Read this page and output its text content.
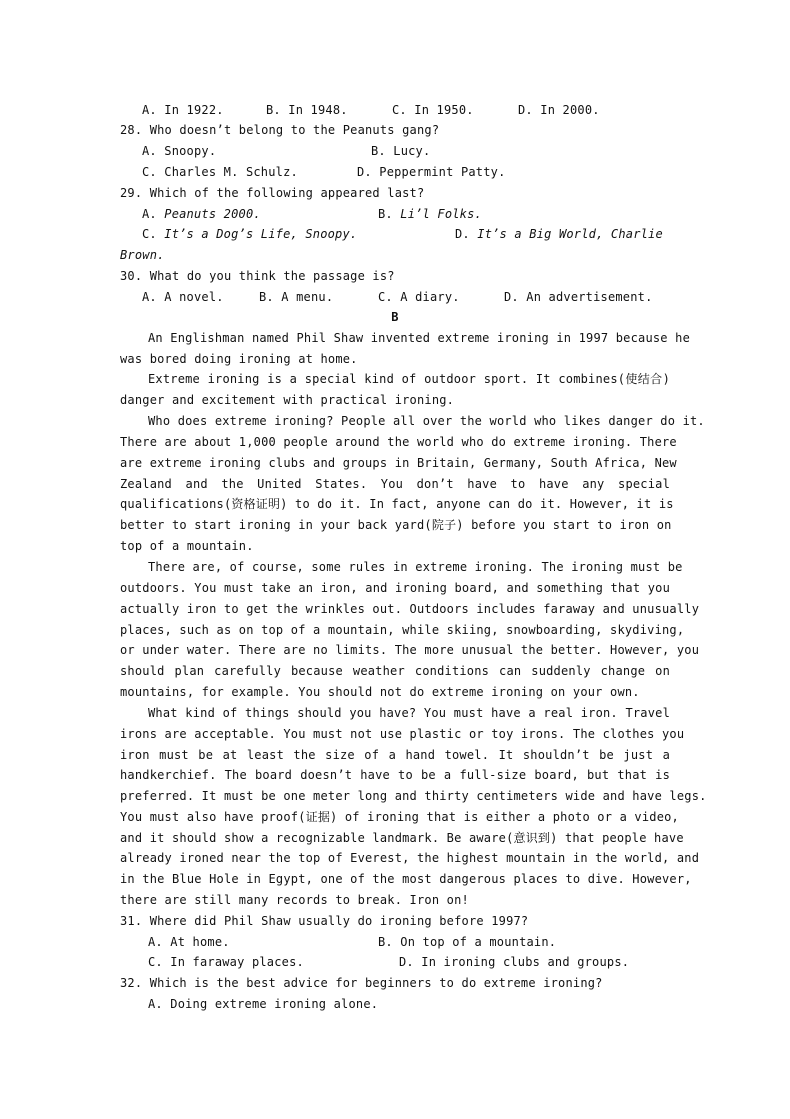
A. In 1922.	B. In 1948.	C. In 1950.	D. In 2000.
28. Who doesn’t belong to the Peanuts gang?
A. Snoopy.	B. Lucy.
C. Charles M. Schulz.	D. Peppermint Patty.
29. Which of the following appeared last?
A. Peanuts 2000.	B. Li’l Folks.
C. It’s a Dog’s Life, Snoopy.	D. It’s a Big World, Charlie
Brown.
30. What do you think the passage is?
A. A novel.	B. A menu.	C. A diary.	D. An advertisement.
B
An Englishman named Phil Shaw invented extreme ironing in 1997 because he
was bored doing ironing at home.
Extreme ironing is a special kind of outdoor sport. It combines(使结合)
danger and excitement with practical ironing.
Who does extreme ironing? People all over the world who likes danger do it.
There are about 1,000 people around the world who do extreme ironing. There
are extreme ironing clubs and groups in Britain, Germany, South Africa, New
Zealand and the United States. You don’t have to have any special
qualifications(资格证明) to do it. In fact, anyone can do it. However, it is
better to start ironing in your back yard(院子) before you start to iron on
top of a mountain.
There are, of course, some rules in extreme ironing. The ironing must be
outdoors. You must take an iron, and ironing board, and something that you
actually iron to get the wrinkles out. Outdoors includes faraway and unusually
places, such as on top of a mountain, while skiing, snowboarding, skydiving,
or under water. There are no limits. The more unusual the better. However, you
should plan carefully because weather conditions can suddenly change on
mountains, for example. You should not do extreme ironing on your own.
What kind of things should you have? You must have a real iron. Travel
irons are acceptable. You must not use plastic or toy irons. The clothes you
iron must be at least the size of a hand towel. It shouldn’t be just a
handkerchief. The board doesn’t have to be a full-size board, but that is
preferred. It must be one meter long and thirty centimeters wide and have legs.
You must also have proof(证据) of ironing that is either a photo or a video,
and it should show a recognizable landmark. Be aware(意识到) that people have
already ironed near the top of Everest, the highest mountain in the world, and
in the Blue Hole in Egypt, one of the most dangerous places to dive. However,
there are still many records to break. Iron on!
31. Where did Phil Shaw usually do ironing before 1997?
A. At home.	B. On top of a mountain.
C. In faraway places.	D. In ironing clubs and groups.
32. Which is the best advice for beginners to do extreme ironing?
A. Doing extreme ironing alone.
